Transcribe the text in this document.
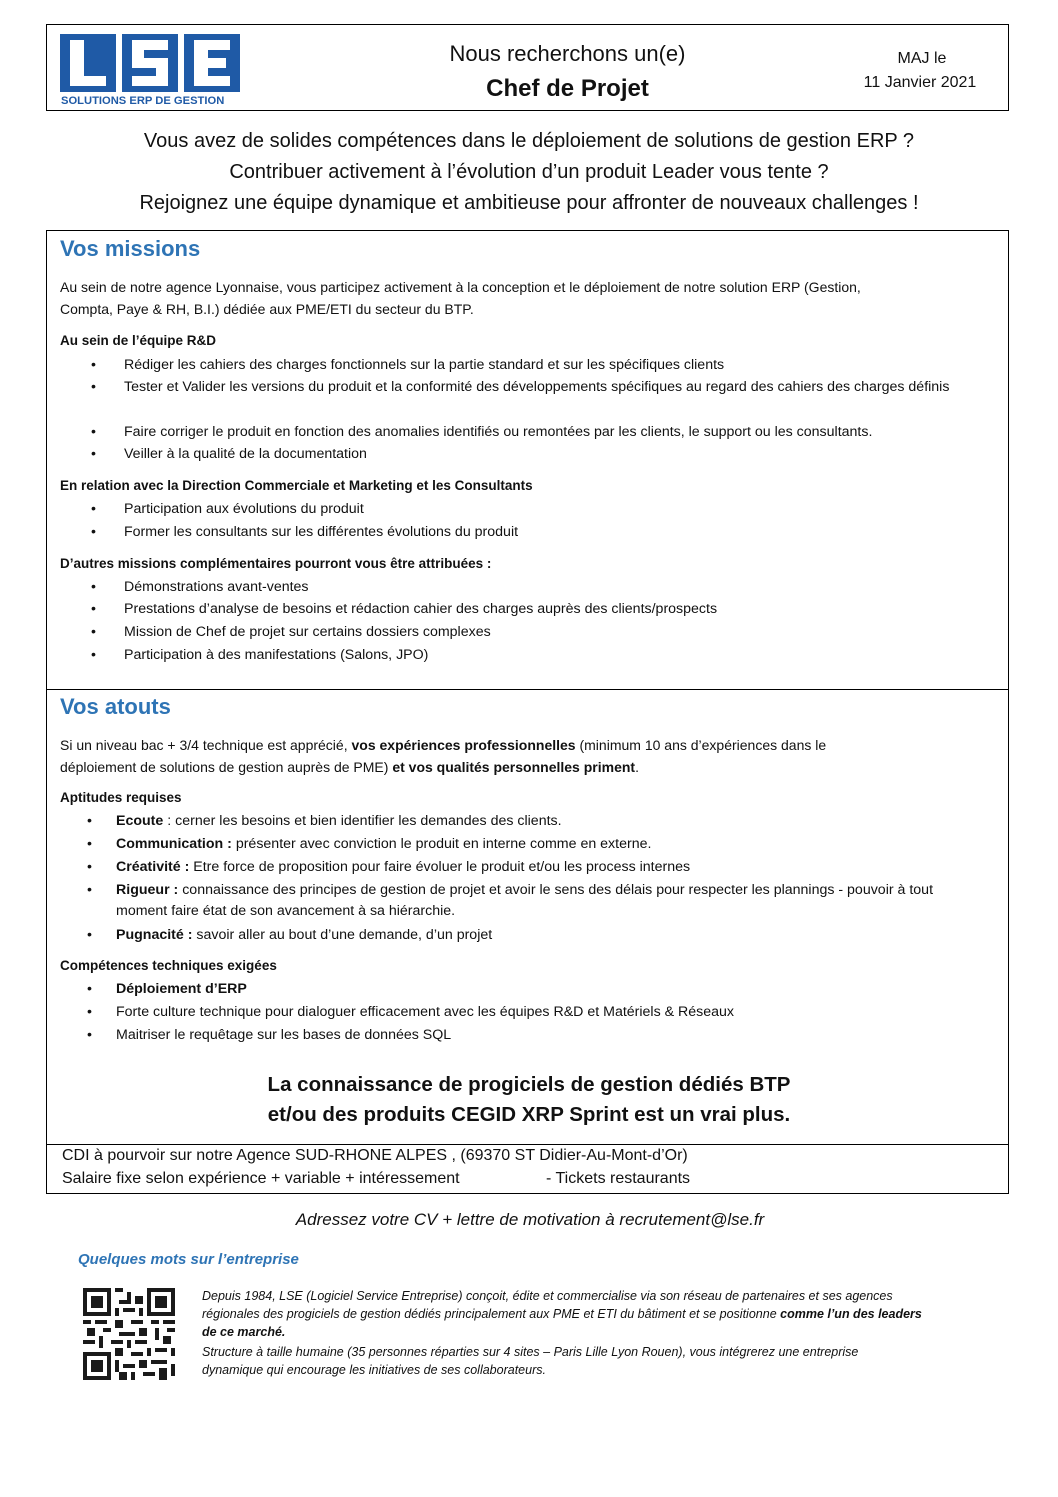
SOLUTIONS ERP DE GESTION
Nous recherchons un(e)
Chef de Projet
MAJ le
11 Janvier 2021
Vous avez de solides compétences dans le déploiement de solutions de gestion ERP ?
Contribuer activement à l’évolution d’un produit Leader vous tente ?
Rejoignez une équipe dynamique et ambitieuse pour affronter de nouveaux challenges !
Vos missions
Au sein de notre agence Lyonnaise, vous participez activement à la conception et le déploiement de notre solution ERP (Gestion,
Compta, Paye & RH, B.I.) dédiée aux PME/ETI du secteur du BTP.
Au sein de l’équipe R&D
•	Rédiger les cahiers des charges fonctionnels sur la partie standard et sur les spécifiques clients
•	Tester et Valider les versions du produit et la conformité des développements spécifiques au regard des cahiers des charges définis
•	Faire corriger le produit en fonction des anomalies identifiés ou remontées par les clients, le support ou les consultants.
•	Veiller à la qualité de la documentation
En relation avec la Direction Commerciale et Marketing et les Consultants
•	Participation aux évolutions du produit
•	Former les consultants sur les différentes évolutions du produit
D’autres missions complémentaires pourront vous être attribuées :
•	Démonstrations avant-ventes
•	Prestations d’analyse de besoins et rédaction cahier des charges auprès des clients/prospects
•	Mission de Chef de projet sur certains dossiers complexes
•	Participation à des manifestations (Salons, JPO)
Vos atouts
Si un niveau bac + 3/4 technique est apprécié, vos expériences professionnelles (minimum 10 ans d’expériences dans le
déploiement de solutions de gestion auprès de PME) et vos qualités personnelles priment.
Aptitudes requises
•	Ecoute : cerner les besoins et bien identifier les demandes des clients.
•	Communication : présenter avec conviction le produit en interne comme en externe.
•	Créativité : Etre force de proposition pour faire évoluer le produit et/ou les process internes
•	Rigueur : connaissance des principes de gestion de projet et avoir le sens des délais pour respecter les plannings - pouvoir à tout moment faire état de son avancement à sa hiérarchie.
•	Pugnacité : savoir aller au bout d’une demande, d’un projet
Compétences techniques exigées
•	Déploiement d’ERP
•	Forte culture technique pour dialoguer efficacement avec les équipes R&D et Matériels & Réseaux
•	Maitriser le requêtage sur les bases de données SQL
La connaissance de progiciels de gestion dédiés BTP
et/ou des produits CEGID XRP Sprint est un vrai plus.
CDI à pourvoir sur notre Agence SUD-RHONE ALPES , (69370 ST Didier-Au-Mont-d’Or)
Salaire fixe selon expérience + variable + intéressement	- Tickets restaurants
Adressez votre CV + lettre de motivation à recrutement@lse.fr
Quelques mots sur l’entreprise
Depuis 1984, LSE (Logiciel Service Entreprise) conçoit, édite et commercialise via son réseau de partenaires et ses agences
régionales des progiciels de gestion dédiés principalement aux PME et ETI du bâtiment et se positionne comme l’un des leaders
de ce marché.
Structure à taille humaine (35 personnes réparties sur 4 sites – Paris Lille Lyon Rouen), vous intégrerez une entreprise
dynamique qui encourage les initiatives de ses collaborateurs.
